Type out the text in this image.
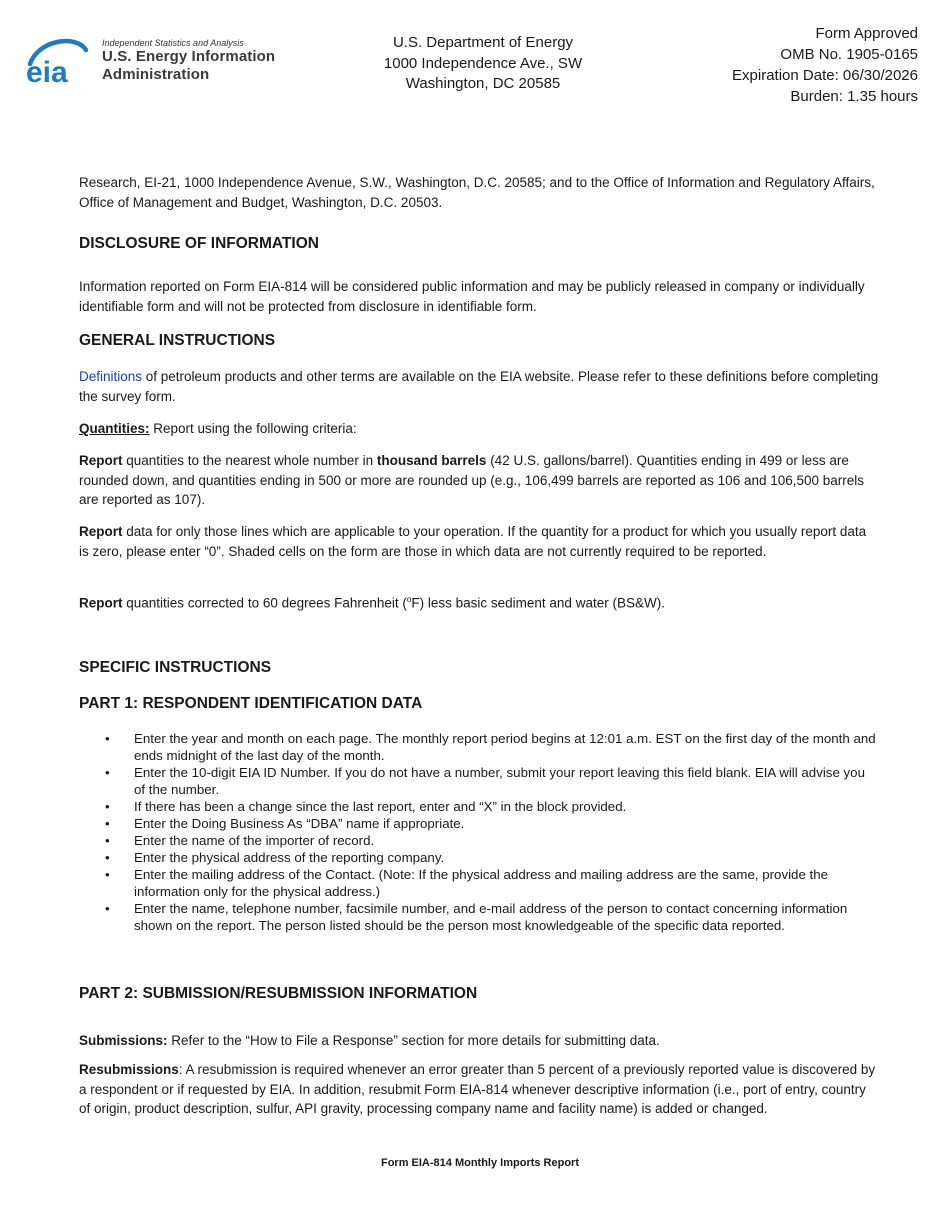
eia
Independent Statistics and Analysis
U.S. Energy Information
Administration
U.S. Department of Energy
1000 Independence Ave., SW
Washington, DC 20585
Form Approved
OMB No. 1905-0165
Expiration Date: 06/30/2026
Burden: 1.35 hours
Research, EI-21, 1000 Independence Avenue, S.W., Washington, D.C. 20585; and to the Office of Information and Regulatory Affairs, Office of Management and Budget, Washington, D.C. 20503.
DISCLOSURE OF INFORMATION
Information reported on Form EIA-814 will be considered public information and may be publicly released in company or individually identifiable form and will not be protected from disclosure in identifiable form.
GENERAL INSTRUCTIONS
Definitions of petroleum products and other terms are available on the EIA website. Please refer to these definitions before completing the survey form.
Quantities: Report using the following criteria:
Report quantities to the nearest whole number in thousand barrels (42 U.S. gallons/barrel). Quantities ending in 499 or less are rounded down, and quantities ending in 500 or more are rounded up (e.g., 106,499 barrels are reported as 106 and 106,500 barrels are reported as 107).
Report data for only those lines which are applicable to your operation. If the quantity for a product for which you usually report data is zero, please enter “0”. Shaded cells on the form are those in which data are not currently required to be reported.
Report quantities corrected to 60 degrees Fahrenheit ($^o$F) less basic sediment and water (BS&W).
SPECIFIC INSTRUCTIONS
PART 1: RESPONDENT IDENTIFICATION DATA
• Enter the year and month on each page. The monthly report period begins at 12:01 a.m. EST on the first day of the month and ends midnight of the last day of the month.
• Enter the 10-digit EIA ID Number. If you do not have a number, submit your report leaving this field blank. EIA will advise you of the number.
• If there has been a change since the last report, enter and “X” in the block provided.
• Enter the Doing Business As “DBA” name if appropriate.
• Enter the name of the importer of record.
• Enter the physical address of the reporting company.
• Enter the mailing address of the Contact. (Note: If the physical address and mailing address are the same, provide the information only for the physical address.)
• Enter the name, telephone number, facsimile number, and e-mail address of the person to contact concerning information shown on the report. The person listed should be the person most knowledgeable of the specific data reported.
PART 2: SUBMISSION/RESUBMISSION INFORMATION
Submissions: Refer to the “How to File a Response” section for more details for submitting data.
Resubmissions: A resubmission is required whenever an error greater than 5 percent of a previously reported value is discovered by a respondent or if requested by EIA. In addition, resubmit Form EIA-814 whenever descriptive information (i.e., port of entry, country of origin, product description, sulfur, API gravity, processing company name and facility name) is added or changed.
Form EIA-814 Monthly Imports Report
